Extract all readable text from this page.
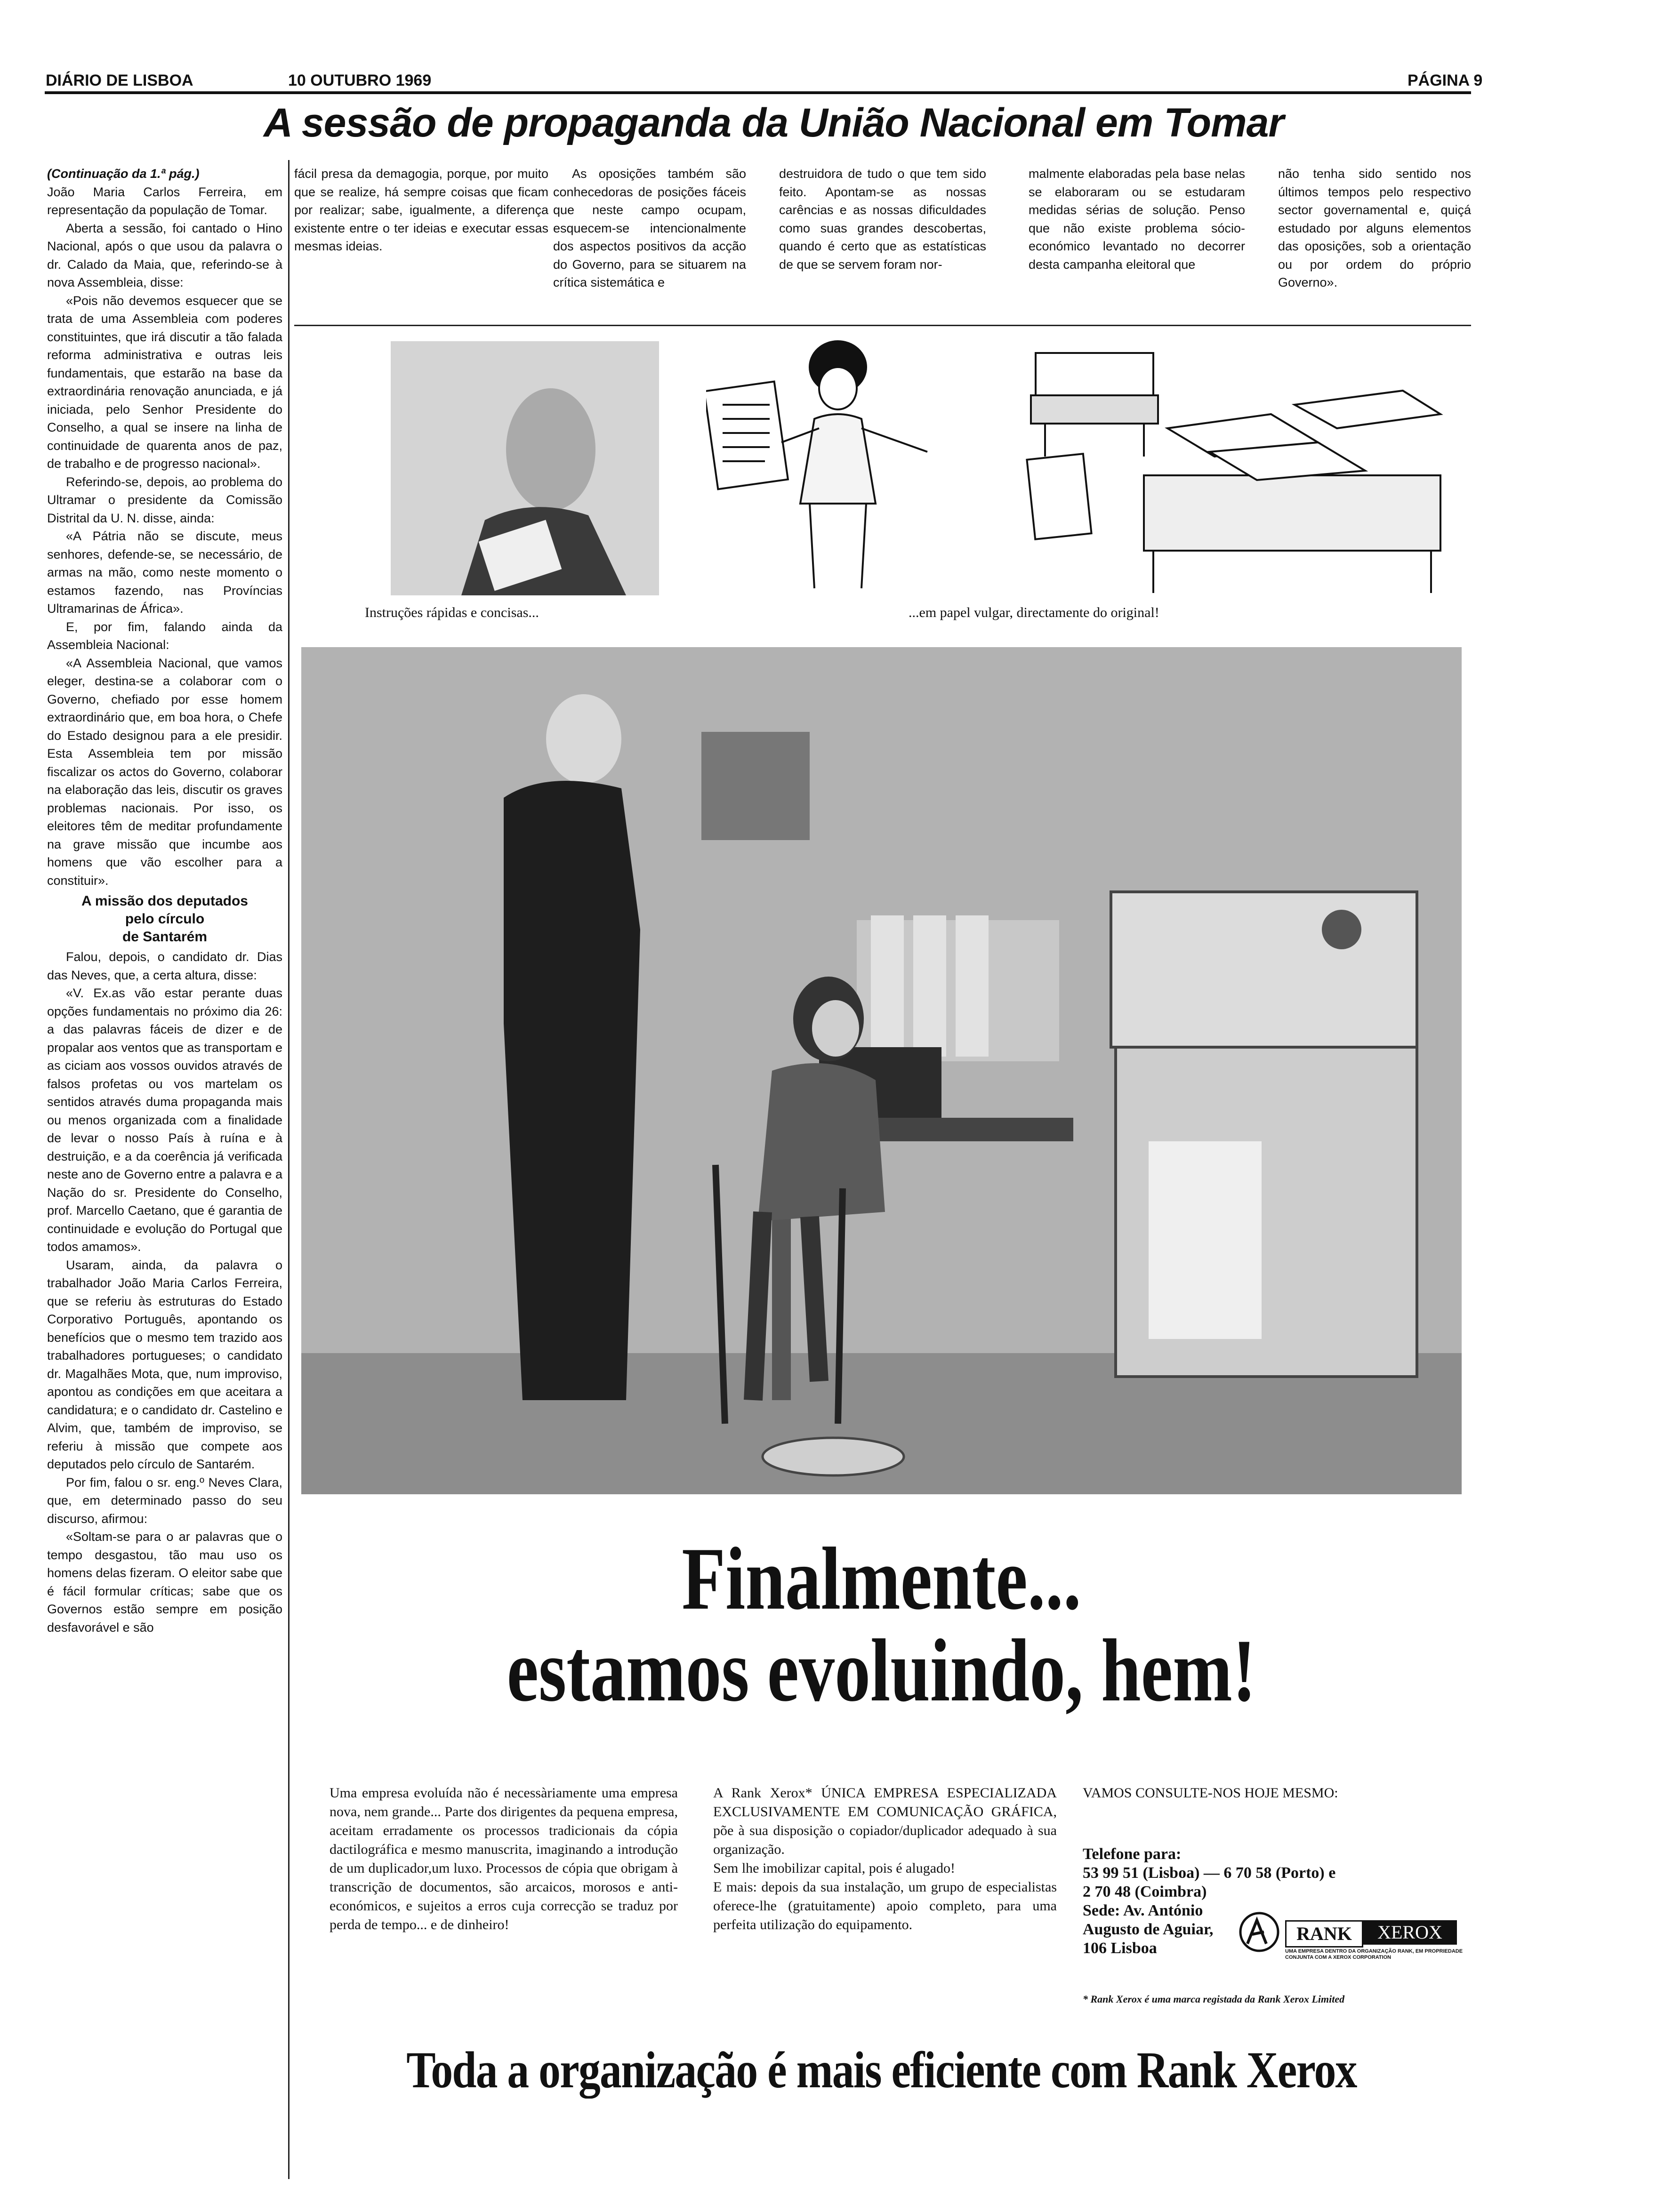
DIÁRIO DE LISBOA	10 OUTUBRO 1969	PÁGINA 9
A sessão de propaganda da União Nacional em Tomar

(Continuação da 1.ª pág.)

João Maria Carlos Ferreira, em representação da população de Tomar.

Aberta a sessão, foi cantado o Hino Nacional, após o que usou da palavra o dr. Calado da Maia, que, referindo-se à nova Assembleia, disse:

«Pois não devemos esquecer que se trata de uma Assembleia com poderes constituintes, que irá discutir a tão falada reforma administrativa e outras leis fundamentais, que estarão na base da extraordinária renovação anunciada, e já iniciada, pelo Senhor Presidente do Conselho, a qual se insere na linha de continuidade de quarenta anos de paz, de trabalho e de progresso nacional».

Referindo-se, depois, ao problema do Ultramar o presidente da Comissão Distrital da U. N. disse, ainda:

«A Pátria não se discute, meus senhores, defende-se, se necessário, de armas na mão, como neste momento o estamos fazendo, nas Províncias Ultramarinas de África».

E, por fim, falando ainda da Assembleia Nacional:

«A Assembleia Nacional, que vamos eleger, destina-se a colaborar com o Governo, chefiado por esse homem extraordinário que, em boa hora, o Chefe do Estado designou para a ele presidir. Esta Assembleia tem por missão fiscalizar os actos do Governo, colaborar na elaboração das leis, discutir os graves problemas nacionais. Por isso, os eleitores têm de meditar profundamente na grave missão que incumbe aos homens que vão escolher para a constituir».

A missão dos deputados
pelo círculo
de Santarém

Falou, depois, o candidato dr. Dias das Neves, que, a certa altura, disse:

«V. Ex.as vão estar perante duas opções fundamentais no próximo dia 26: a das palavras fáceis de dizer e de propalar aos ventos que as transportam e as ciciam aos vossos ouvidos através de falsos profetas ou vos martelam os sentidos através duma propaganda mais ou menos organizada com a finalidade de levar o nosso País à ruína e à destruição, e a da coerência já verificada neste ano de Governo entre a palavra e a Nação do sr. Presidente do Conselho, prof. Marcello Caetano, que é garantia de continuidade e evolução do Portugal que todos amamos».

Usaram, ainda, da palavra o trabalhador João Maria Carlos Ferreira, que se referiu às estruturas do Estado Corporativo Português, apontando os benefícios que o mesmo tem trazido aos trabalhadores portugueses; o candidato dr. Magalhães Mota, que, num improviso, apontou as condições em que aceitara a candidatura; e o candidato dr. Castelino e Alvim, que, também de improviso, se referiu à missão que compete aos deputados pelo círculo de Santarém.

Por fim, falou o sr. eng.º Neves Clara, que, em determinado passo do seu discurso, afirmou:

«Soltam-se para o ar palavras que o tempo desgastou, tão mau uso os homens delas fizeram. O eleitor sabe que é fácil formular críticas; sabe que os Governos estão sempre em posição desfavorável e são

fácil presa da demagogia, porque, por muito que se realize, há sempre coisas que ficam por realizar; sabe, igualmente, a diferença existente entre o ter ideias e executar essas mesmas ideias.

As oposições também são conhecedoras de posições fáceis que neste campo ocupam, esquecem-se intencionalmente dos aspectos positivos da acção do Governo, para se situarem na crítica sistemática e

destruidora de tudo o que tem sido feito. Apontam-se as nossas carências e as nossas dificuldades como suas grandes descobertas, quando é certo que as estatísticas de que se servem foram nor-

malmente elaboradas pela base nelas se elaboraram ou se estudaram medidas sérias de solução. Penso que não existe problema sócio-económico levantado no decorrer desta campanha eleitoral que

não tenha sido sentido nos últimos tempos pelo respectivo sector governamental e, quiçá estudado por alguns elementos das oposições, sob a orientação ou por ordem do próprio Governo».

Instruções rápidas e concisas...	...em papel vulgar, directamente do original!
Finalmente...
estamos evoluindo, hem!

Uma empresa evoluída não é necessàriamente uma empresa nova, nem grande... Parte dos dirigentes da pequena empresa, aceitam erradamente os processos tradicionais da cópia dactilográfica e mesmo manuscrita, imaginando a introdução de um duplicador,um luxo. Processos de cópia que obrigam à transcrição de documentos, são arcaicos, morosos e anti-económicos, e sujeitos a erros cuja correcção se traduz por perda de tempo... e de dinheiro!

A Rank Xerox* ÚNICA EMPRESA ESPECIALIZADA EXCLUSIVAMENTE EM COMUNICAÇÃO GRÁFICA, põe à sua disposição o copiador/duplicador adequado à sua organização.

Sem lhe imobilizar capital, pois é alugado!

E mais: depois da sua instalação, um grupo de especialistas oferece-lhe (gratuitamente) apoio completo, para uma perfeita utilização do equipamento.

VAMOS CONSULTE-NOS HOJE MESMO:
Telefone para:
53 99 51 (Lisboa) — 6 70 58 (Porto) e
2 70 48 (Coimbra)
Sede: Av. António
Augusto de Aguiar,
106 Lisboa
RANK	XEROX
UMA EMPRESA DENTRO DA ORGANIZAÇÃO RANK, EM PROPRIEDADE CONJUNTA COM A XEROX CORPORATION
* Rank Xerox é uma marca registada da Rank Xerox Limited
Toda a organização é mais eficiente com Rank Xerox
